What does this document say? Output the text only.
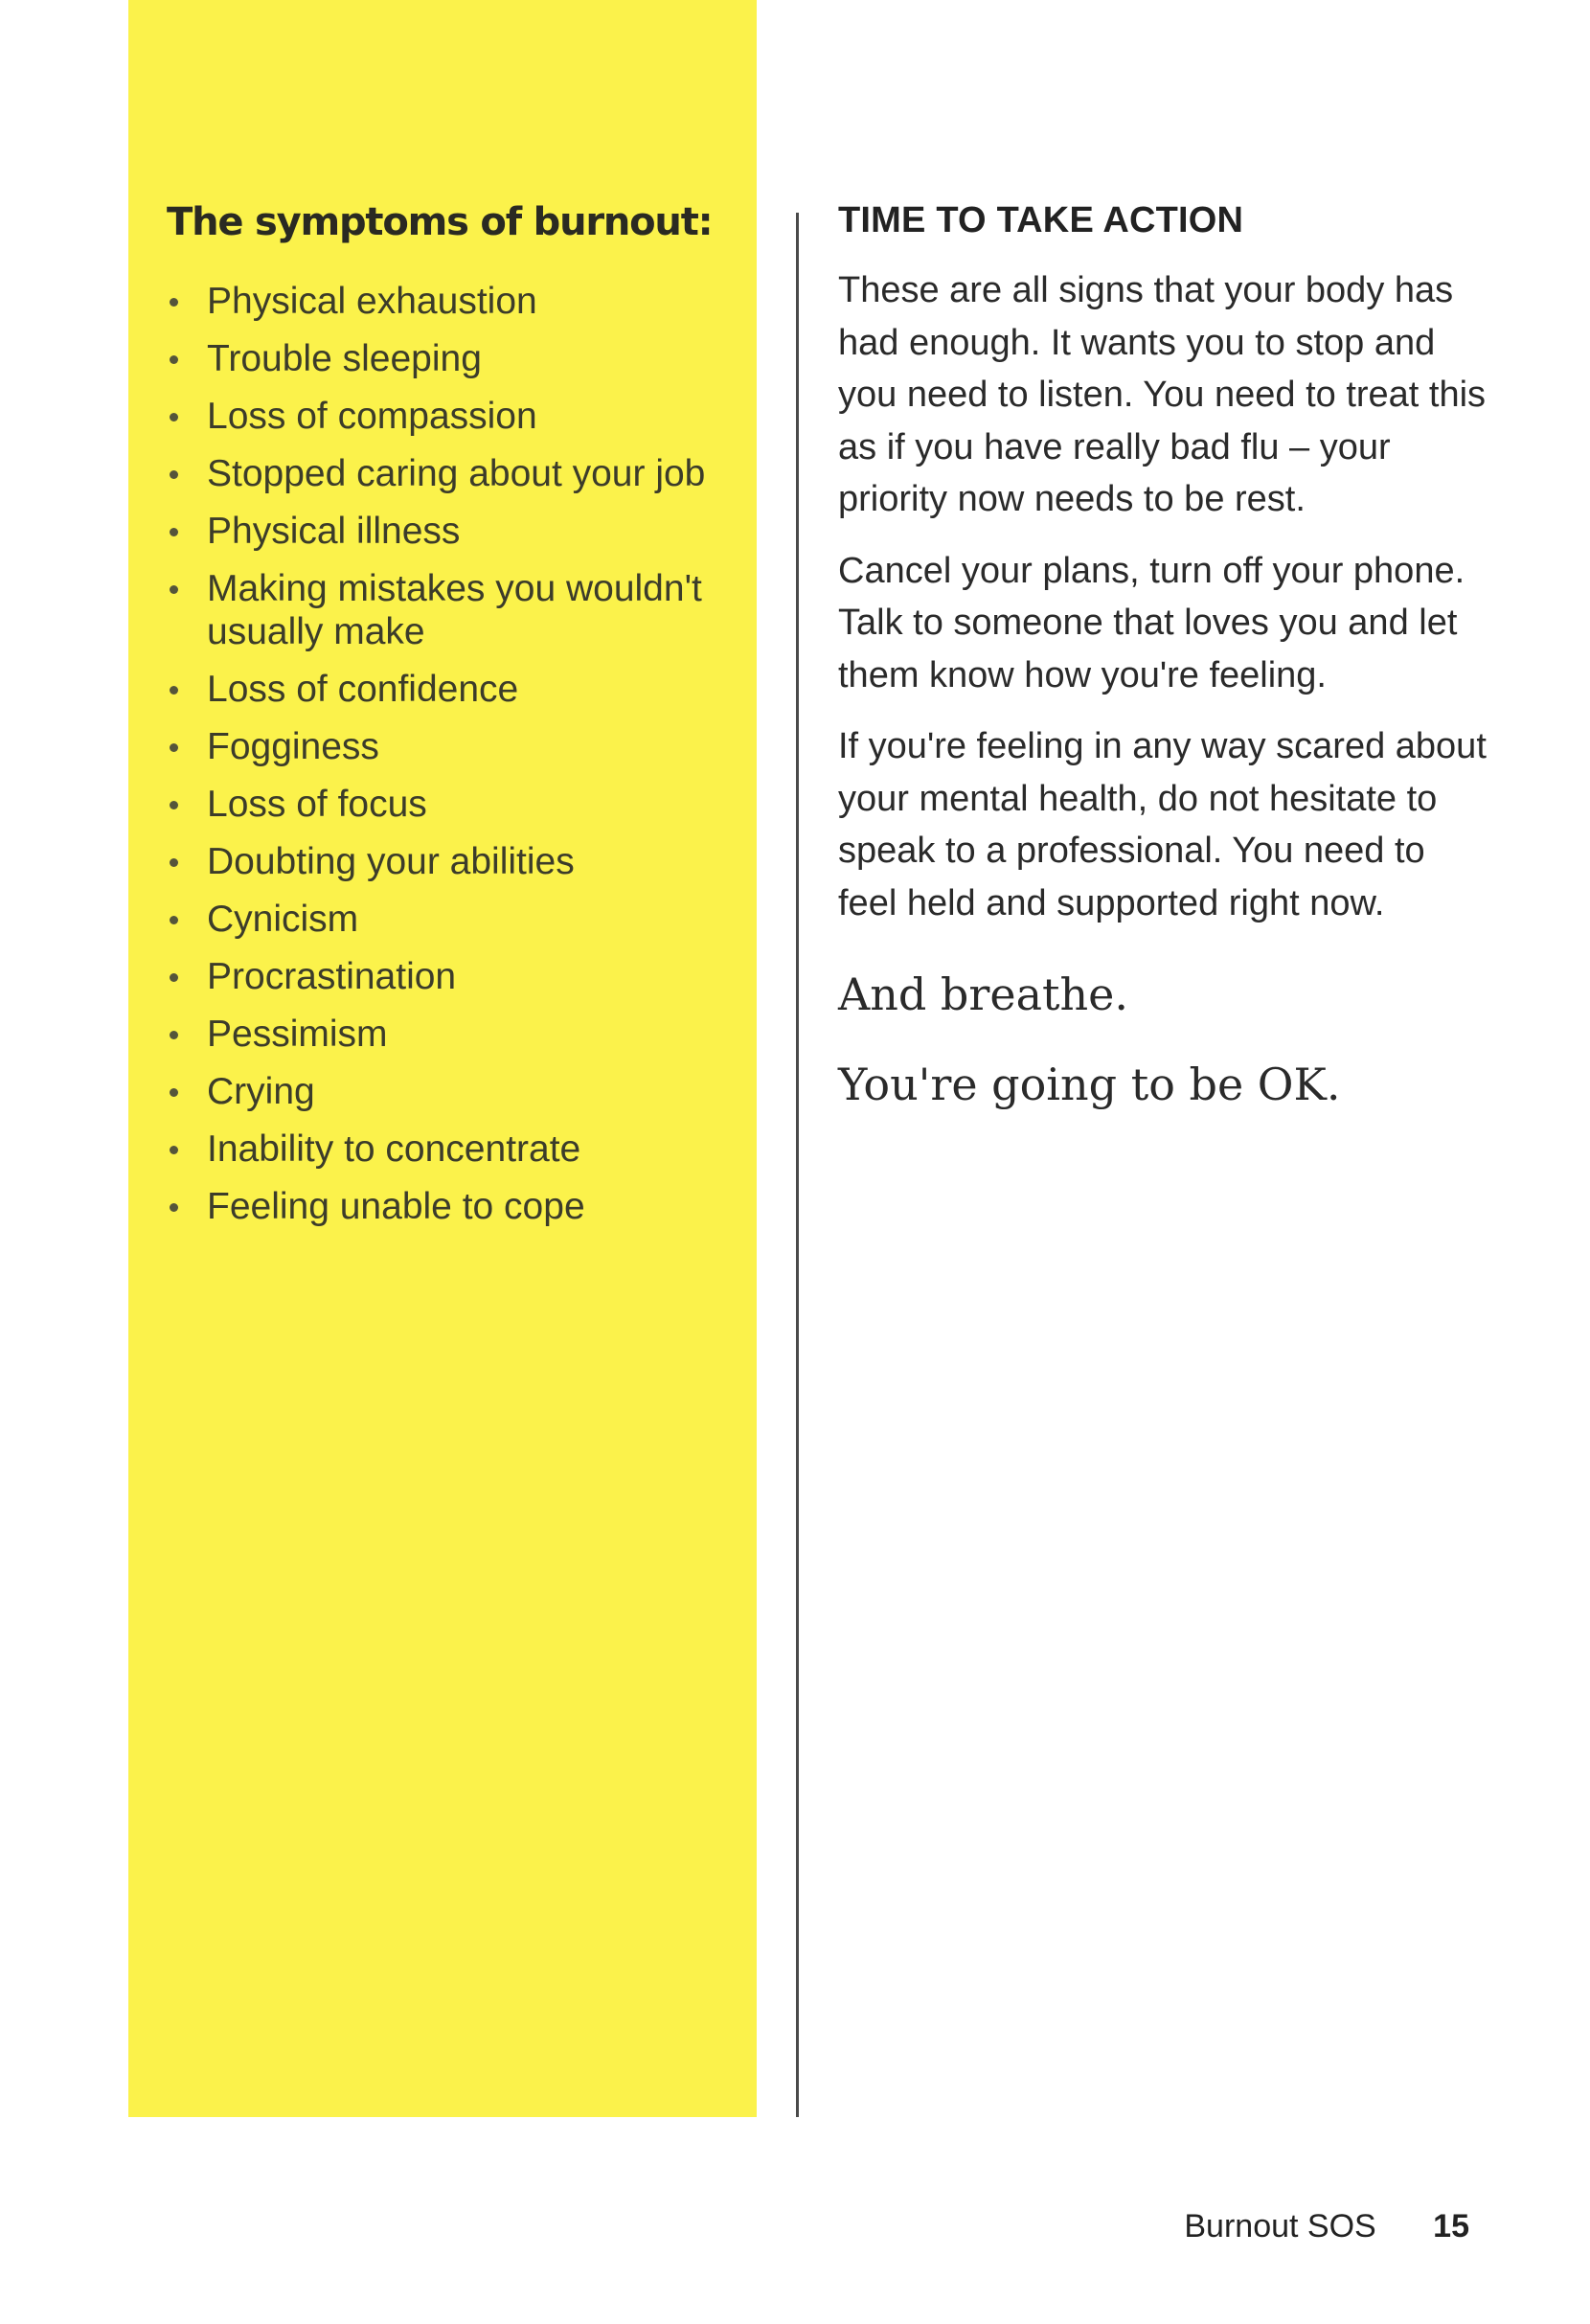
The symptoms of burnout:
Physical exhaustion
Trouble sleeping
Loss of compassion
Stopped caring about your job
Physical illness
Making mistakes you wouldn't usually make
Loss of confidence
Fogginess
Loss of focus
Doubting your abilities
Cynicism
Procrastination
Pessimism
Crying
Inability to concentrate
Feeling unable to cope
TIME TO TAKE ACTION

These are all signs that your body has had enough. It wants you to stop and you need to listen. You need to treat this as if you have really bad flu – your priority now needs to be rest.

Cancel your plans, turn off your phone. Talk to someone that loves you and let them know how you're feeling.

If you're feeling in any way scared about your mental health, do not hesitate to speak to a professional. You need to feel held and supported right now.

And breathe.

You're going to be OK.

Burnout SOS 15
